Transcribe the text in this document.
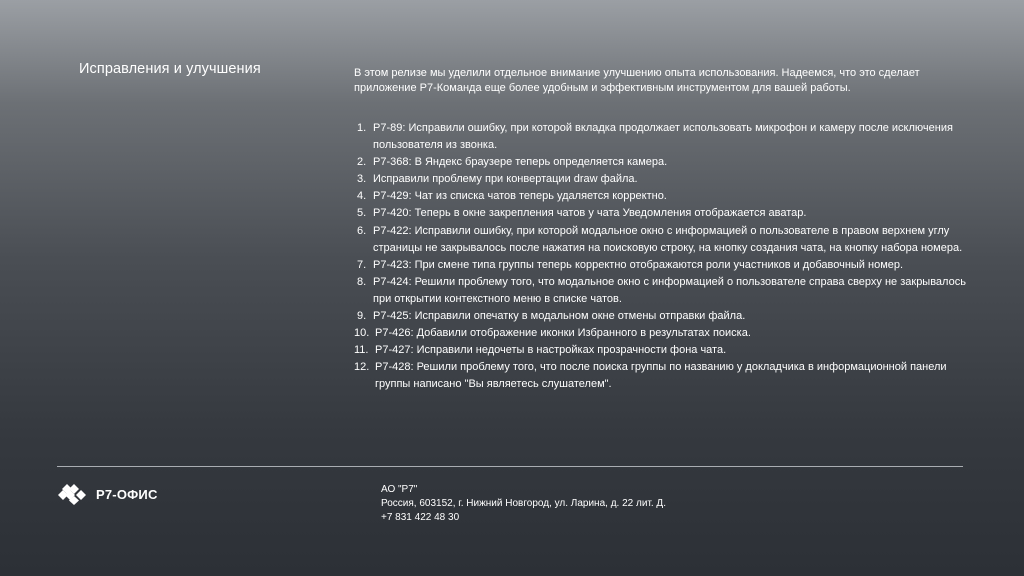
Исправления и улучшения	В этом релизе мы уделили отдельное внимание улучшению опыта использования. Надеемся, что это сделает приложение Р7-Команда еще более удобным и эффективным инструментом для вашей работы.
1. Р7-89: Исправили ошибку, при которой вкладка продолжает использовать микрофон и камеру после исключения пользователя из звонка.
2. Р7-368: В Яндекс браузере теперь определяется камера.
3. Исправили проблему при конвертации draw файла.
4. Р7-429: Чат из списка чатов теперь удаляется корректно.
5. Р7-420: Теперь в окне закрепления чатов у чата Уведомления отображается аватар.
6. Р7-422: Исправили ошибку, при которой модальное окно с информацией о пользователе в правом верхнем углу страницы не закрывалось после нажатия на поисковую строку, на кнопку создания чата, на кнопку набора номера.
7. Р7-423: При смене типа группы теперь корректно отображаются роли участников и добавочный номер.
8. Р7-424: Решили проблему того, что модальное окно с информацией о пользователе справа сверху не закрывалось при открытии контекстного меню в списке чатов.
9. Р7-425: Исправили опечатку в модальном окне отмены отправки файла.
10. Р7-426: Добавили отображение иконки Избранного в результатах поиска.
11. Р7-427: Исправили недочеты в настройках прозрачности фона чата.
12. Р7-428: Решили проблему того, что после поиска группы по названию у докладчика в информационной панели группы написано "Вы являетесь слушателем".
Р7-ОФИС	АО "Р7"
Россия, 603152, г. Нижний Новгород, ул. Ларина, д. 22 лит. Д.
+7 831 422 48 30
